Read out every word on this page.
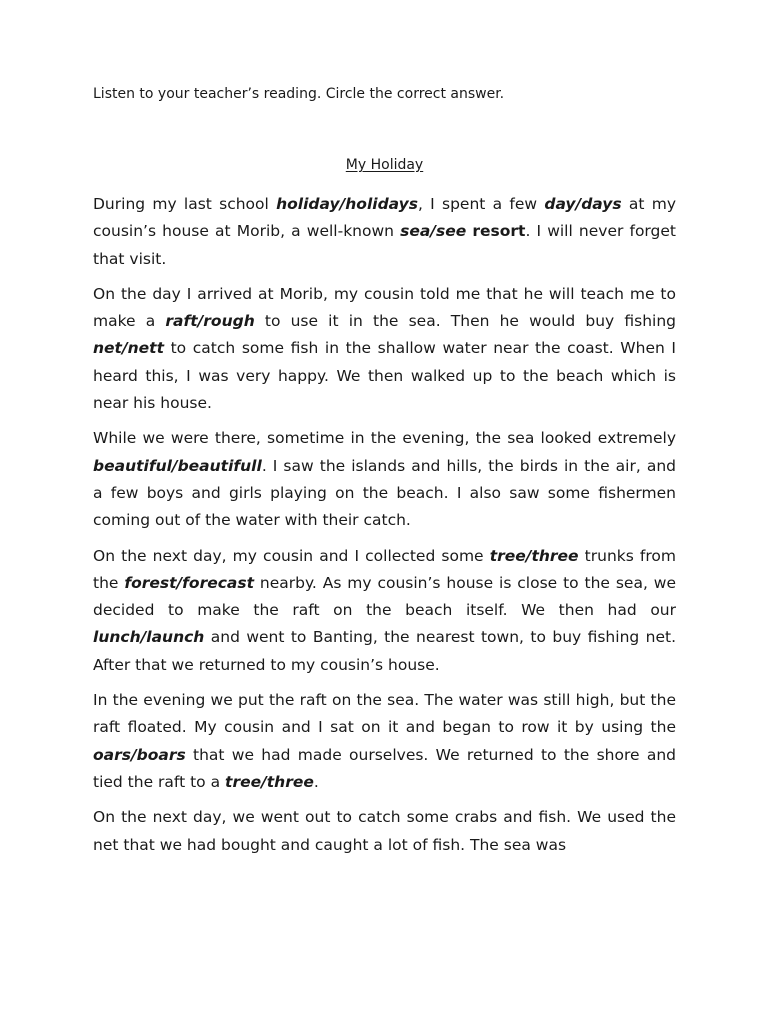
Listen to your teacher’s reading. Circle the correct answer.
My Holiday

During my last school holiday/holidays, I spent a few day/days at my cousin’s house at Morib, a well-known sea/see resort. I will never forget that visit.

On the day I arrived at Morib, my cousin told me that he will teach me to make a raft/rough to use it in the sea. Then he would buy fishing net/nett to catch some fish in the shallow water near the coast. When I heard this, I was very happy. We then walked up to the beach which is near his house.

While we were there, sometime in the evening, the sea looked extremely beautiful/beautifull. I saw the islands and hills, the birds in the air, and a few boys and girls playing on the beach. I also saw some fishermen coming out of the water with their catch.

On the next day, my cousin and I collected some tree/three trunks from the forest/forecast nearby. As my cousin’s house is close to the sea, we decided to make the raft on the beach itself. We then had our lunch/launch and went to Banting, the nearest town, to buy fishing net. After that we returned to my cousin’s house.

In the evening we put the raft on the sea. The water was still high, but the raft floated. My cousin and I sat on it and began to row it by using the oars/boars that we had made ourselves. We returned to the shore and tied the raft to a tree/three.

On the next day, we went out to catch some crabs and fish. We used the net that we had bought and caught a lot of fish. The sea was
